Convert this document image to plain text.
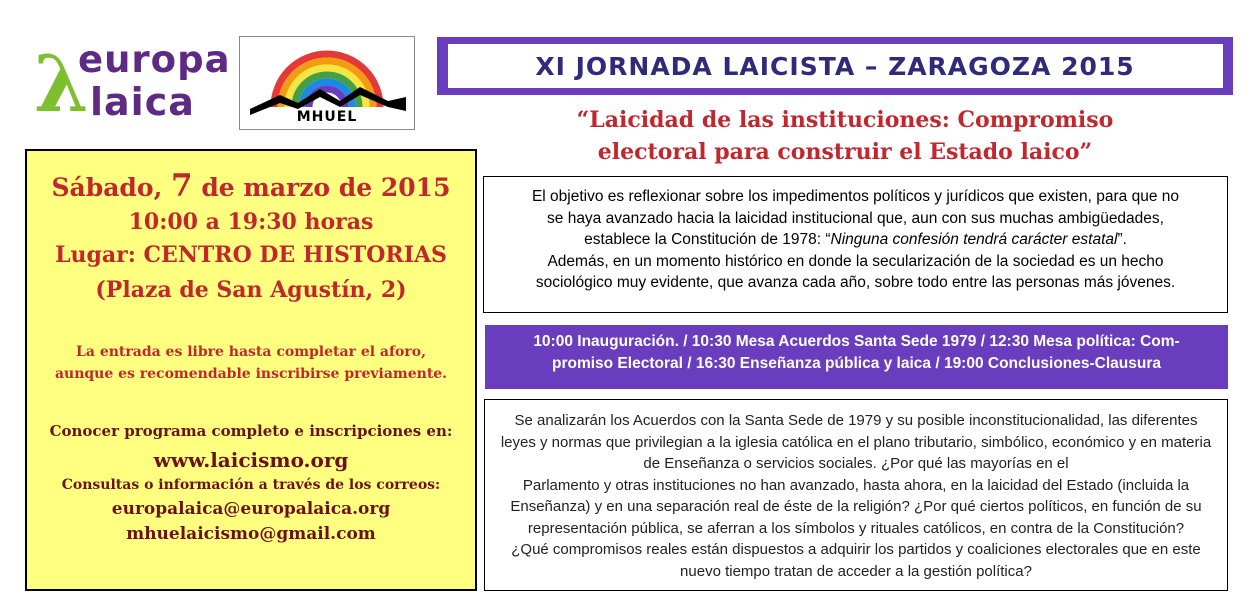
λ
europa
laica	MHUEL
XI JORNADA LAICISTA – ZARAGOZA 2015
“Laicidad de las instituciones: Compromiso
electoral para construir el Estado laico”
Sábado, 7 de marzo de 2015
10:00 a 19:30 horas
Lugar: CENTRO DE HISTORIAS
(Plaza de San Agustín, 2)
La entrada es libre hasta completar el aforo,
aunque es recomendable inscribirse previamente.
Conocer programa completo e inscripciones en:
www.laicismo.org
Consultas o información a través de los correos:
europalaica@europalaica.org
mhuelaicismo@gmail.com
El objetivo es reflexionar sobre los impedimentos políticos y jurídicos que existen, para que no
se haya avanzado hacia la laicidad institucional que, aun con sus muchas ambigüedades,
establece la Constitución de 1978: “Ninguna confesión tendrá carácter estatal”.
Además, en un momento histórico en donde la secularización de la sociedad es un hecho
sociológico muy evidente, que avanza cada año, sobre todo entre las personas más jóvenes.
10:00 Inauguración. / 10:30 Mesa Acuerdos Santa Sede 1979 / 12:30 Mesa política: Com-
promiso Electoral / 16:30 Enseñanza pública y laica / 19:00 Conclusiones-Clausura
Se analizarán los Acuerdos con la Santa Sede de 1979 y su posible inconstitucionalidad, las diferentes
leyes y normas que privilegian a la iglesia católica en el plano tributario, simbólico, económico y en materia
de Enseñanza o servicios sociales. ¿Por qué las mayorías en el
Parlamento y otras instituciones no han avanzado, hasta ahora, en la laicidad del Estado (incluida la
Enseñanza) y en una separación real de éste de la religión? ¿Por qué ciertos políticos, en función de su
representación pública, se aferran a los símbolos y rituales católicos, en contra de la Constitución?
¿Qué compromisos reales están dispuestos a adquirir los partidos y coaliciones electorales que en este
nuevo tiempo tratan de acceder a la gestión política?
